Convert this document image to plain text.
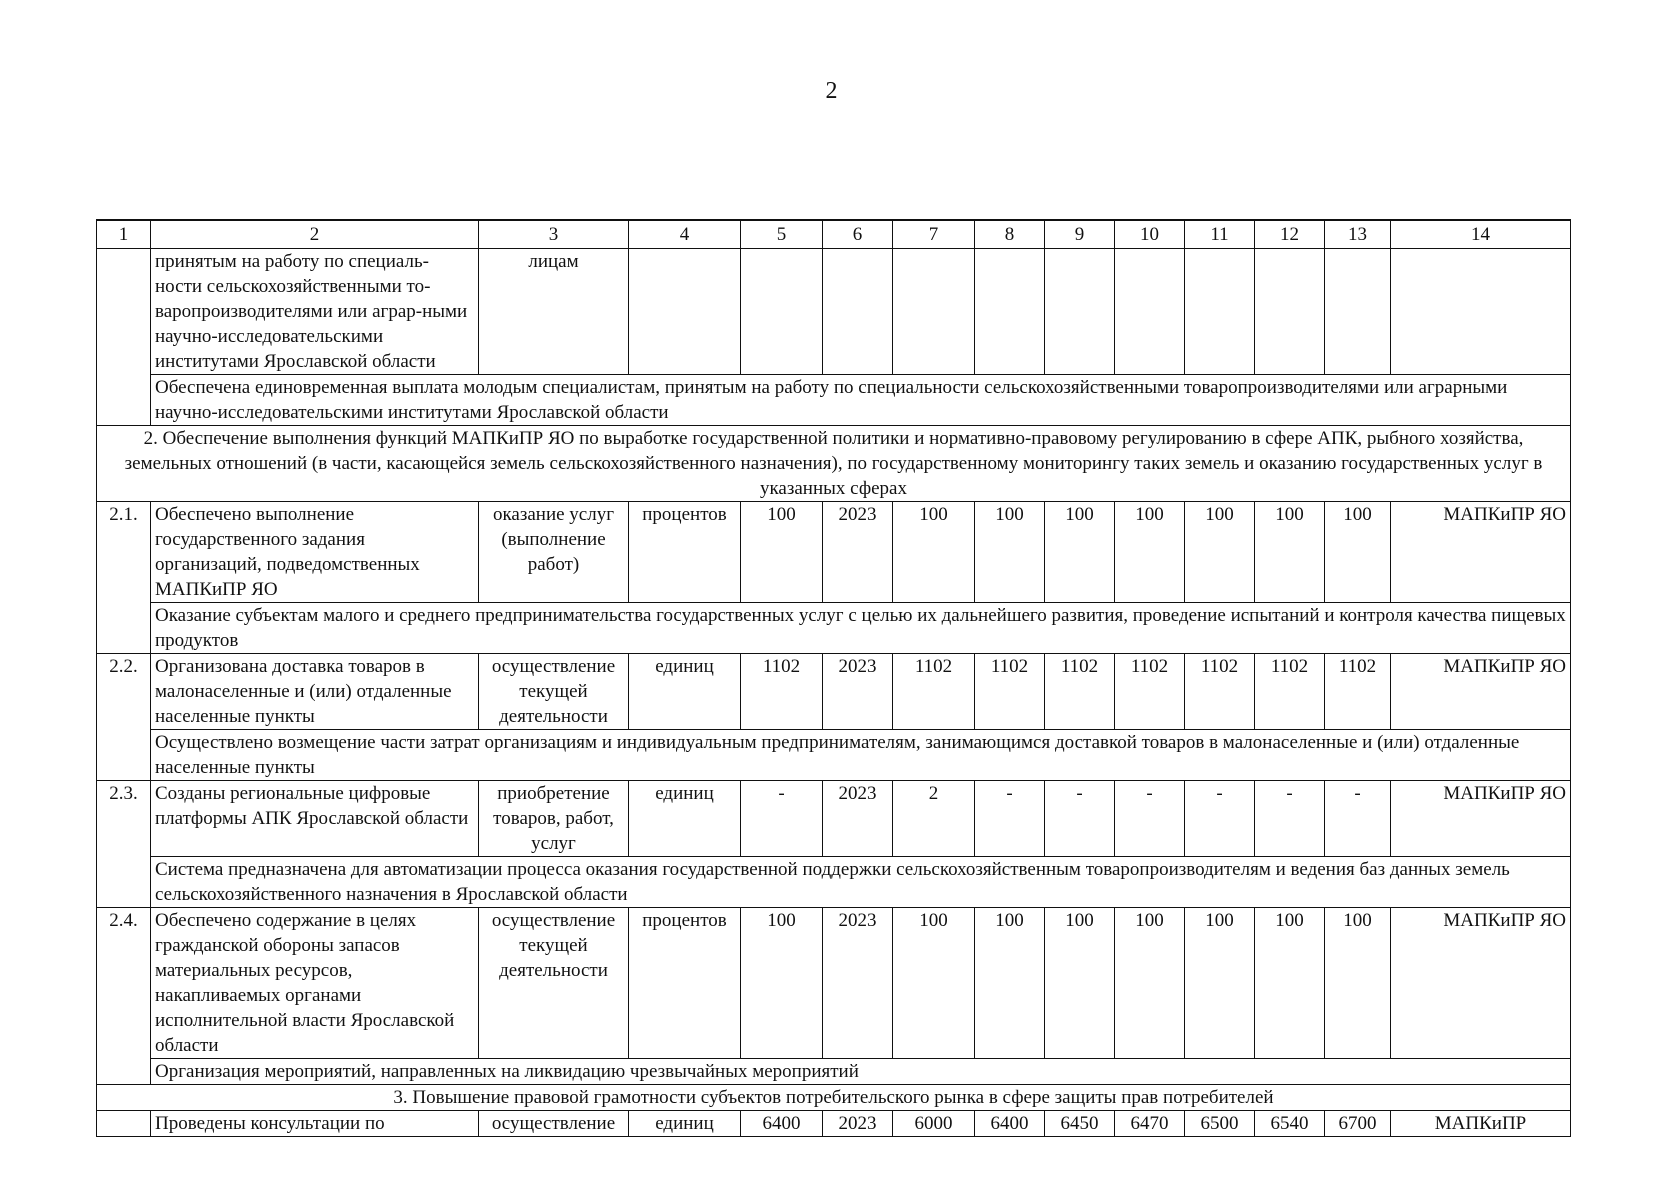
2
1	2	3	4	5	6	7	8	9	10	11	12	13	14
	принятым на работу по специаль-ности сельскохозяйственными то-варопроизводителями или аграр-ными научно-исследовательскими институтами Ярославской области	лицам											
	Обеспечена единовременная выплата молодым специалистам, принятым на работу по специальности сельскохозяйственными товаропроизводителями или аграрными научно-исследовательскими институтами Ярославской области												
2. Обеспечение выполнения функций МАПКиПР ЯО по выработке государственной политики и нормативно-правовому регулированию в сфере АПК, рыбного хозяйства, земельных отношений (в части, касающейся земель сельскохозяйственного назначения), по государственному мониторингу таких земель и оказанию государственных услуг в указанных сферах													
2.1.	Обеспечено выполнение государственного задания организаций, подведомственных МАПКиПР ЯО	оказание услуг (выполнение работ)	процентов	100	2023	100	100	100	100	100	100	100	МАПКиПР ЯО
	Оказание субъектам малого и среднего предпринимательства государственных услуг с целью их дальнейшего развития, проведение испытаний и контроля качества пищевых продуктов												
2.2.	Организована доставка товаров в малонаселенные и (или) отдаленные населенные пункты	осуществление текущей деятельности	единиц	1102	2023	1102	1102	1102	1102	1102	1102	1102	МАПКиПР ЯО
	Осуществлено возмещение части затрат организациям и индивидуальным предпринимателям, занимающимся доставкой товаров в малонаселенные и (или) отдаленные населенные пункты												
2.3.	Созданы региональные цифровые платформы АПК Ярославской области	приобретение товаров, работ, услуг	единиц	-	2023	2	-	-	-	-	-	-	МАПКиПР ЯО
	Система предназначена для автоматизации процесса оказания государственной поддержки сельскохозяйственным товаропроизводителям и ведения баз данных земель сельскохозяйственного назначения в Ярославской области												
2.4.	Обеспечено содержание в целях гражданской обороны запасов материальных ресурсов, накапливаемых органами исполнительной власти Ярославской области	осуществление текущей деятельности	процентов	100	2023	100	100	100	100	100	100	100	МАПКиПР ЯО
	Организация мероприятий, направленных на ликвидацию чрезвычайных мероприятий												
3. Повышение правовой грамотности субъектов потребительского рынка в сфере защиты прав потребителей													
	Проведены консультации по	осуществление	единиц	6400	2023	6000	6400	6450	6470	6500	6540	6700	МАПКиПР
